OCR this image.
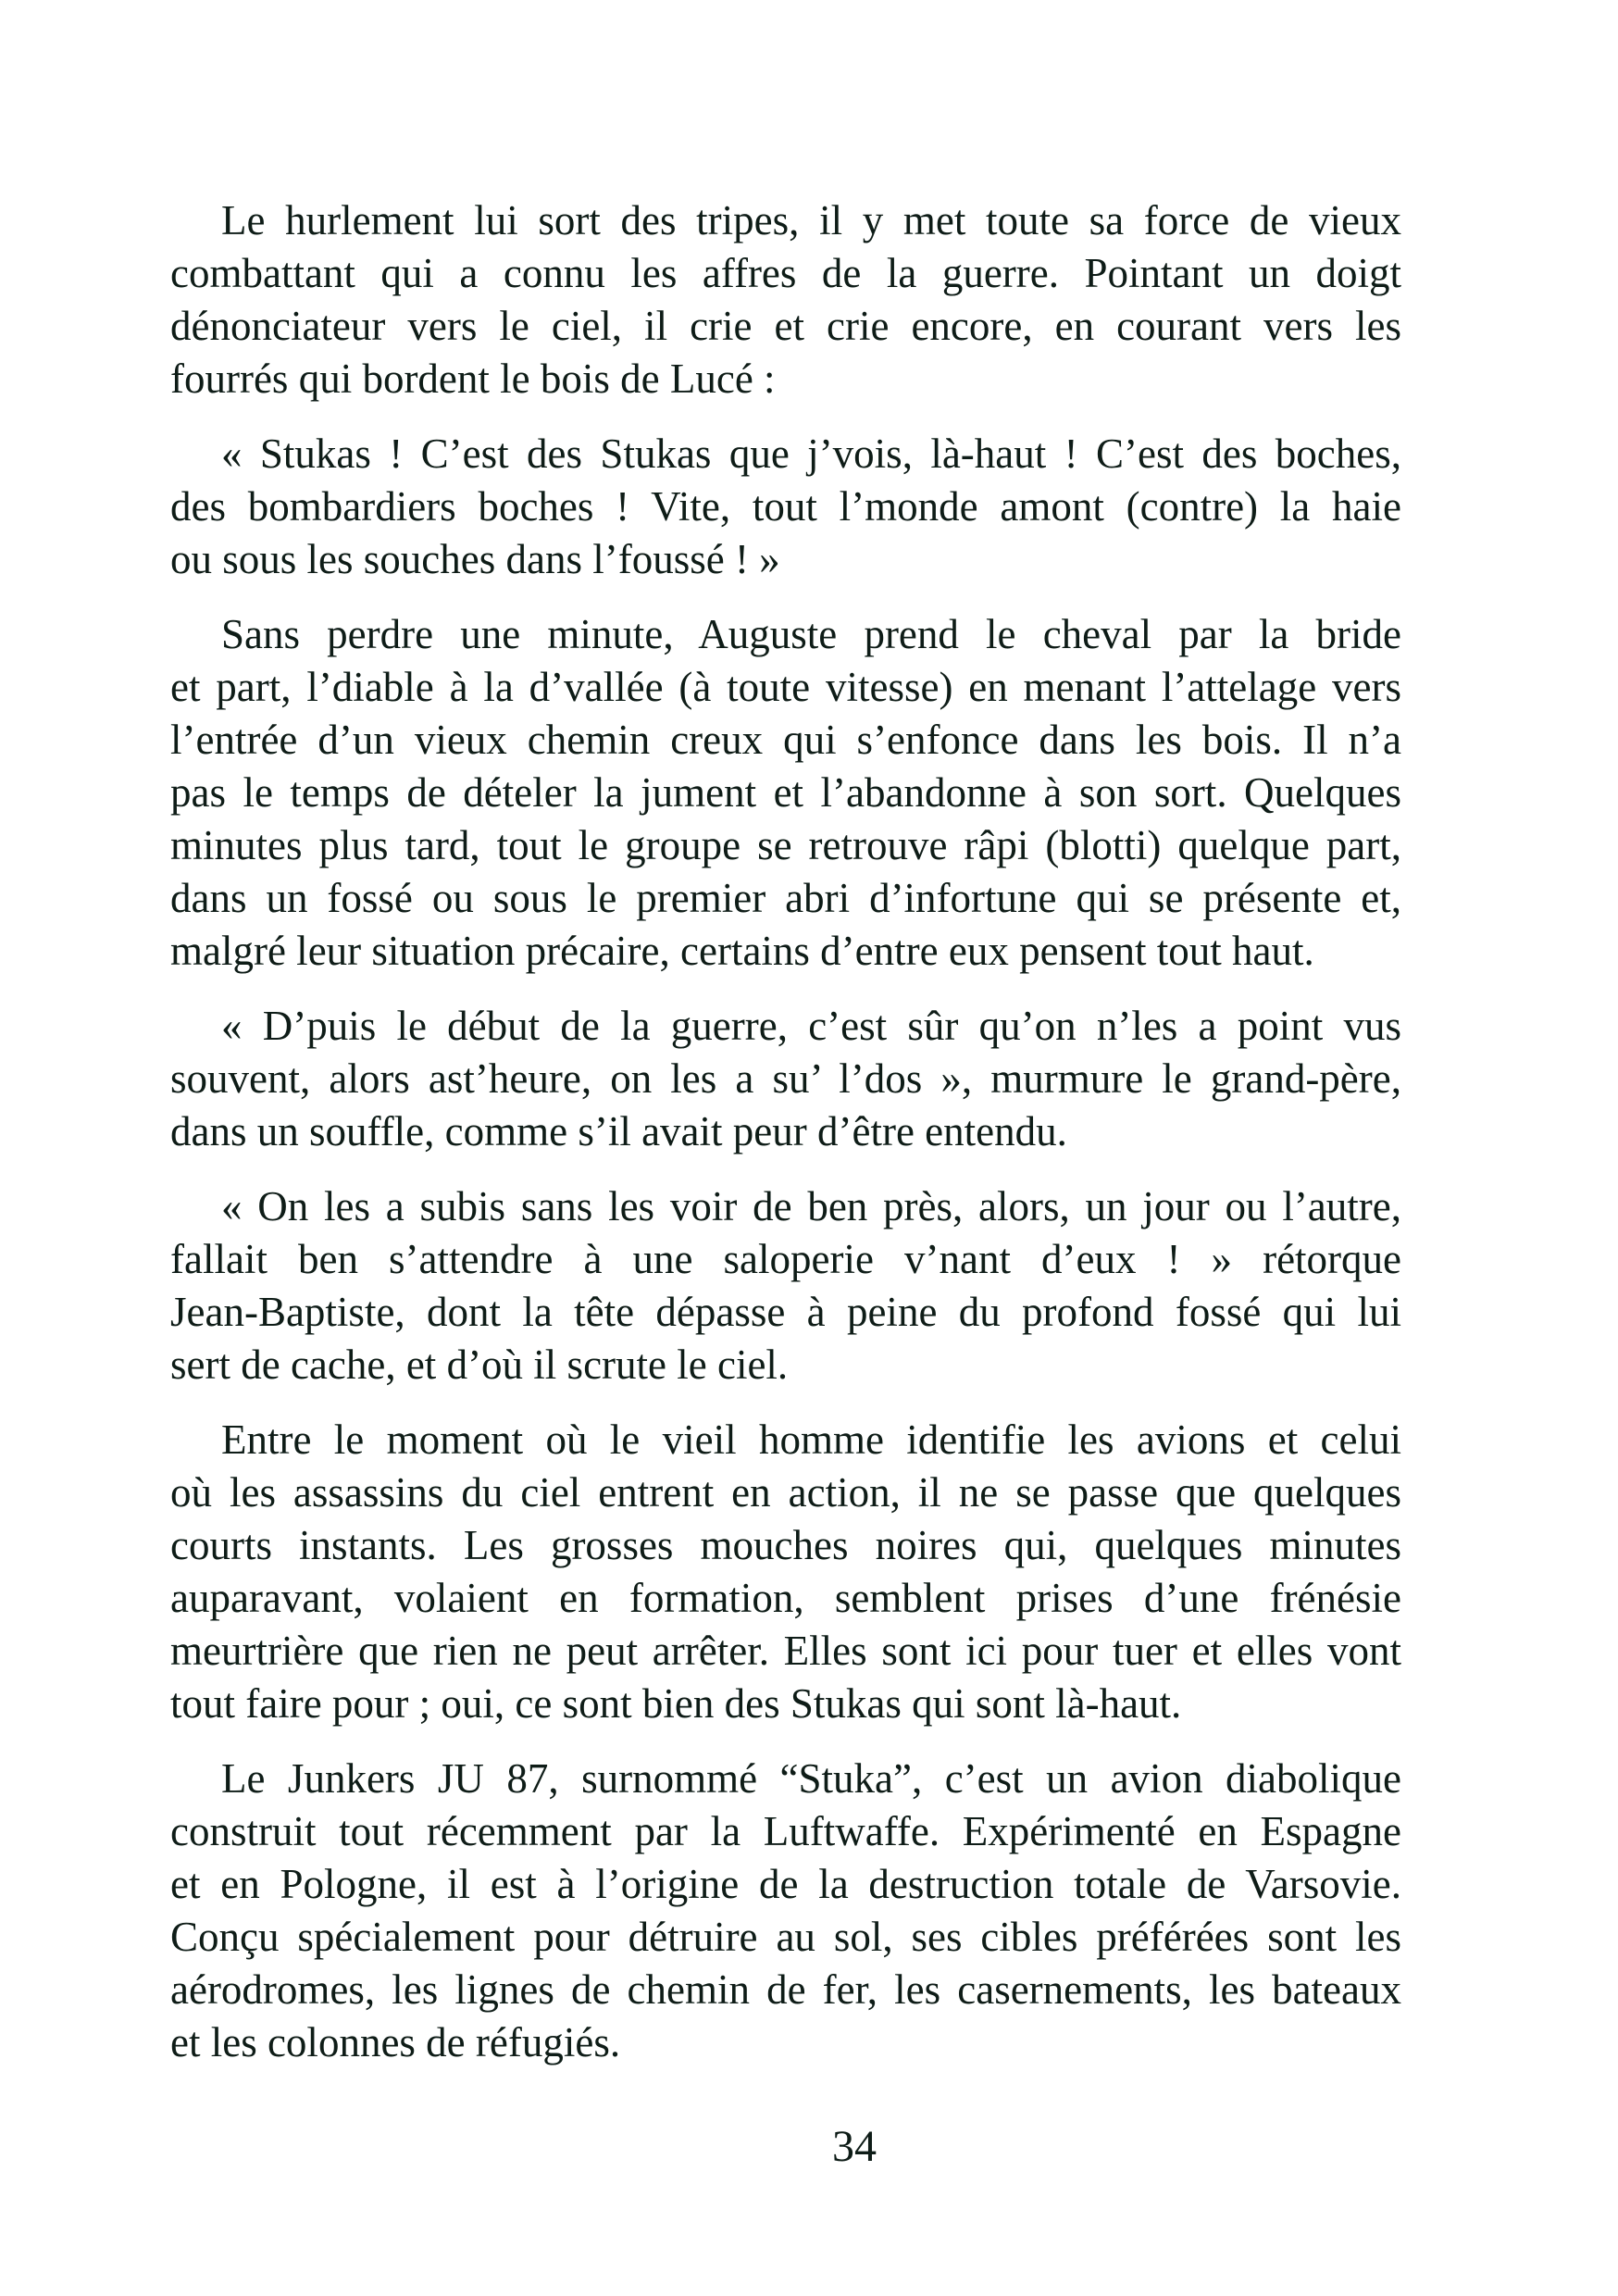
Le hurlement lui sort des tripes, il y met toute sa force de vieux
combattant qui a connu les affres de la guerre. Pointant un doigt
dénonciateur vers le ciel, il crie et crie encore, en courant vers les
fourrés qui bordent le bois de Lucé :
« Stukas ! C’est des Stukas que j’vois, là-haut ! C’est des boches,
des bombardiers boches ! Vite, tout l’monde amont (contre) la haie
ou sous les souches dans l’foussé ! »
Sans perdre une minute, Auguste prend le cheval par la bride
et part, l’diable à la d’vallée (à toute vitesse) en menant l’attelage vers
l’entrée d’un vieux chemin creux qui s’enfonce dans les bois. Il n’a
pas le temps de dételer la jument et l’abandonne à son sort. Quelques
minutes plus tard, tout le groupe se retrouve râpi (blotti) quelque part,
dans un fossé ou sous le premier abri d’infortune qui se présente et,
malgré leur situation précaire, certains d’entre eux pensent tout haut.
« D’puis le début de la guerre, c’est sûr qu’on n’les a point vus
souvent, alors ast’heure, on les a su’ l’dos », murmure le grand-père,
dans un souffle, comme s’il avait peur d’être entendu.
« On les a subis sans les voir de ben près, alors, un jour ou l’autre,
fallait ben s’attendre à une saloperie v’nant d’eux ! » rétorque
Jean-Baptiste, dont la tête dépasse à peine du profond fossé qui lui
sert de cache, et d’où il scrute le ciel.
Entre le moment où le vieil homme identifie les avions et celui
où les assassins du ciel entrent en action, il ne se passe que quelques
courts instants. Les grosses mouches noires qui, quelques minutes
auparavant, volaient en formation, semblent prises d’une frénésie
meurtrière que rien ne peut arrêter. Elles sont ici pour tuer et elles vont
tout faire pour ; oui, ce sont bien des Stukas qui sont là-haut.
Le Junkers JU 87, surnommé “Stuka”, c’est un avion diabolique
construit tout récemment par la Luftwaffe. Expérimenté en Espagne
et en Pologne, il est à l’origine de la destruction totale de Varsovie.
Conçu spécialement pour détruire au sol, ses cibles préférées sont les
aérodromes, les lignes de chemin de fer, les casernements, les bateaux
et les colonnes de réfugiés.
34
